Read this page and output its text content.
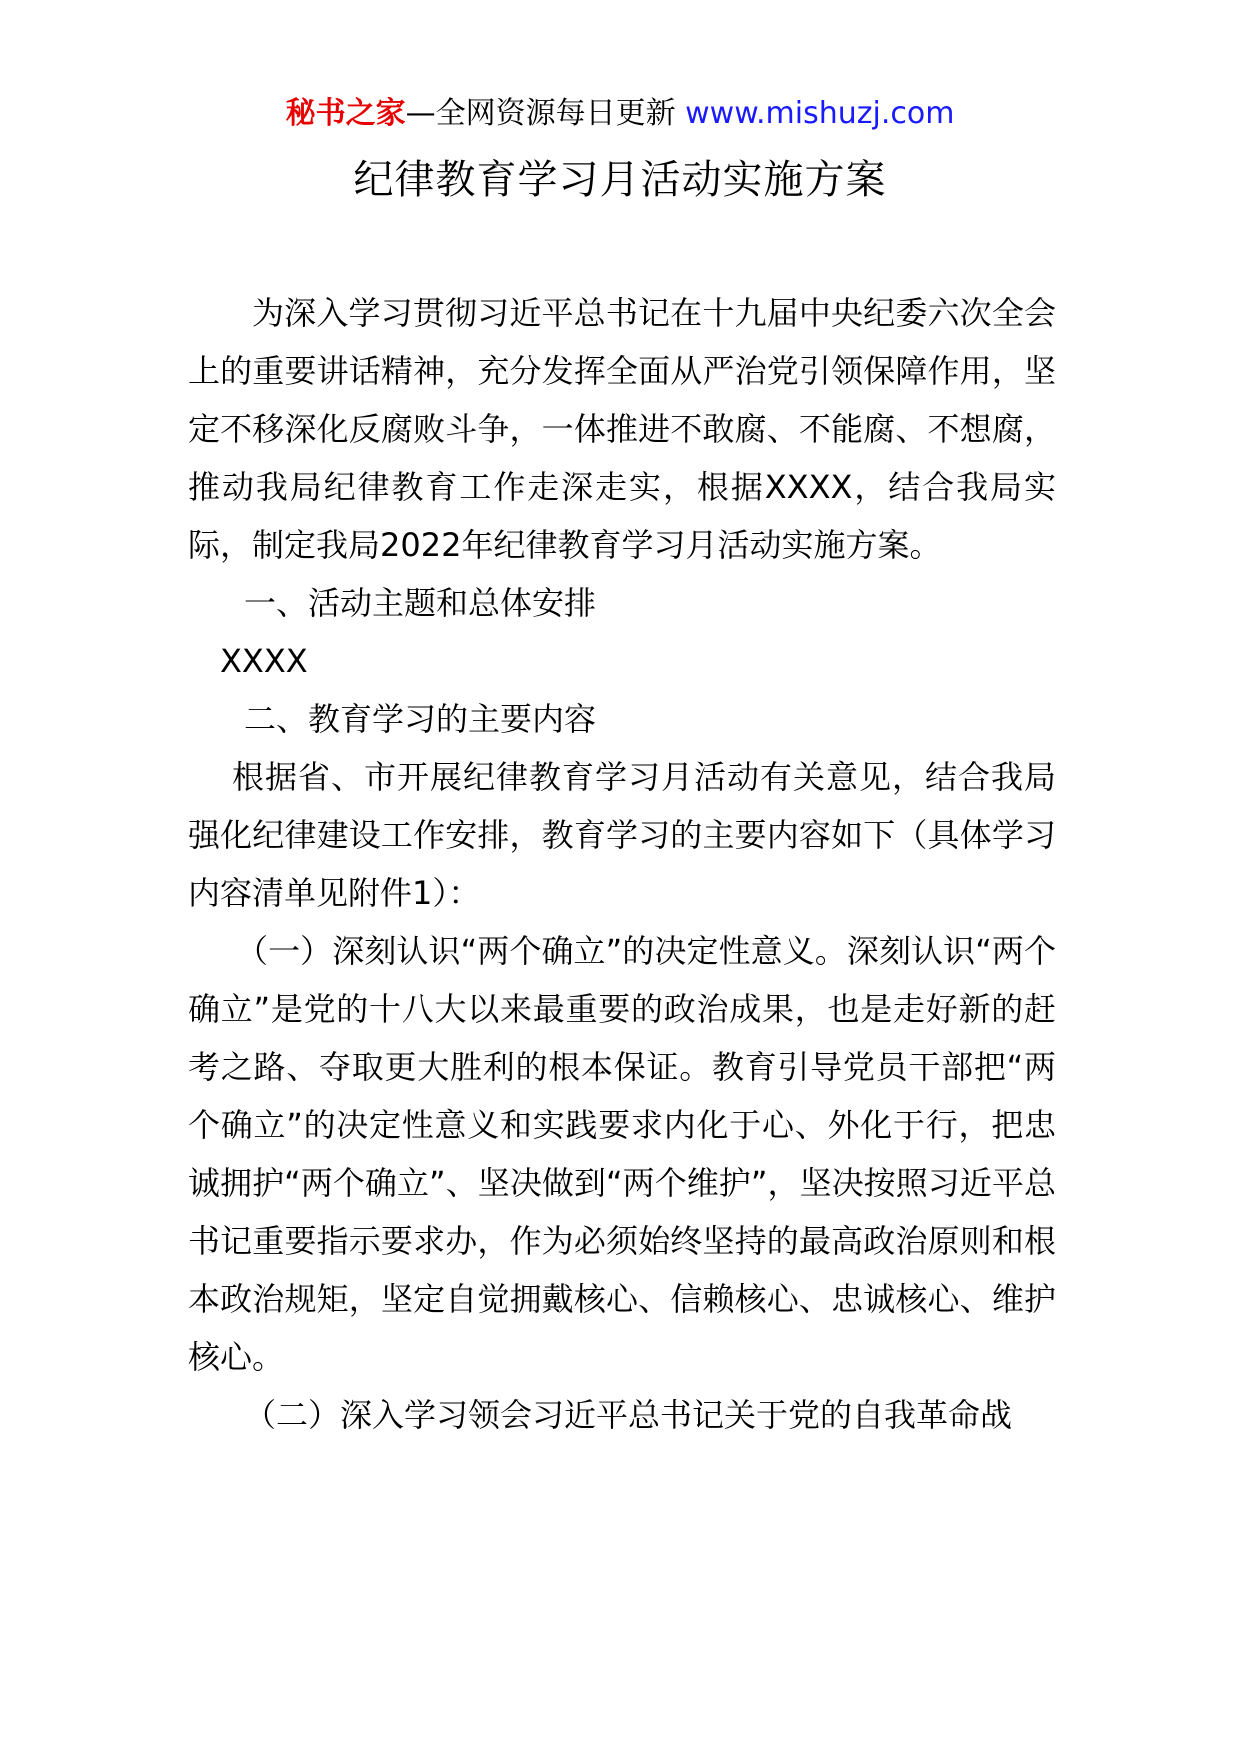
秘书之家—全网资源每日更新 www.mishuzj.com
纪律教育学习月活动实施方案

为深入学习贯彻习近平总书记在十九届中央纪委六次全会上的重要讲话精神，充分发挥全面从严治党引领保障作用，坚定不移深化反腐败斗争，一体推进不敢腐、不能腐、不想腐，推动我局纪律教育工作走深走实，根据XXXX，结合我局实际，制定我局2022年纪律教育学习月活动实施方案。

一、活动主题和总体安排

XXXX

二、教育学习的主要内容

根据省、市开展纪律教育学习月活动有关意见，结合我局强化纪律建设工作安排，教育学习的主要内容如下（具体学习内容清单见附件1）：

（一）深刻认识“两个确立”的决定性意义。深刻认识“两个确立”是党的十八大以来最重要的政治成果，也是走好新的赶考之路、夺取更大胜利的根本保证。教育引导党员干部把“两个确立”的决定性意义和实践要求内化于心、外化于行，把忠诚拥护“两个确立”、坚决做到“两个维护”，坚决按照习近平总书记重要指示要求办，作为必须始终坚持的最高政治原则和根本政治规矩，坚定自觉拥戴核心、信赖核心、忠诚核心、维护核心。

（二）深入学习领会习近平总书记关于党的自我革命战
